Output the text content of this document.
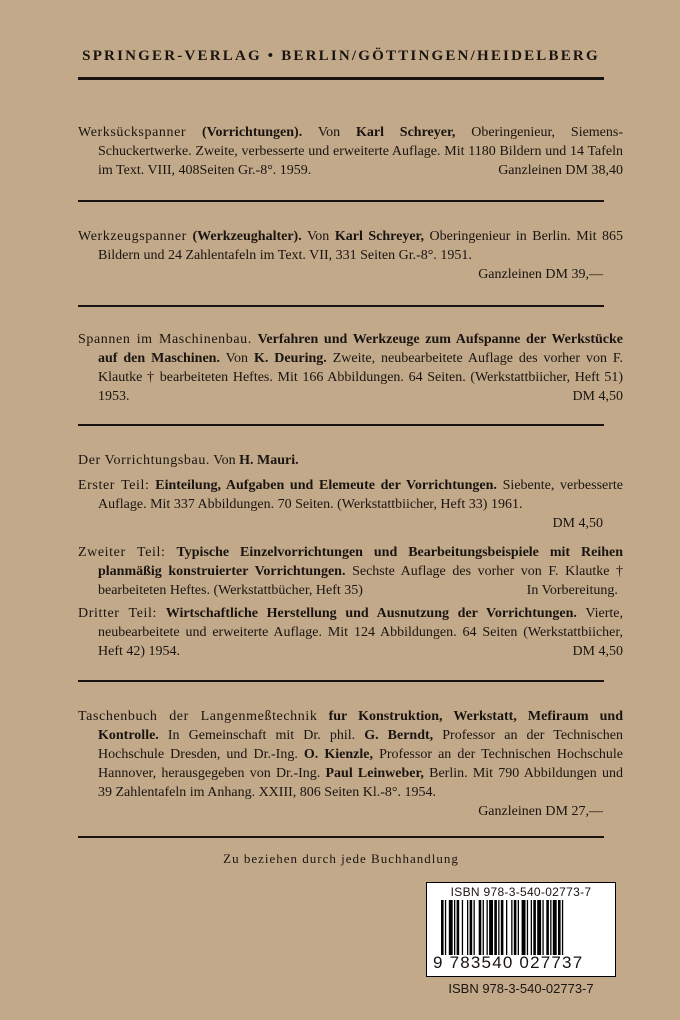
SPRINGER-VERLAG • BERLIN/GÖTTINGEN/HEIDELBERG
Werksückspanner (Vorrichtungen). Von Karl Schreyer, Oberingenieur, Siemens-Schuckertwerke. Zweite, verbesserte und erweiterte Auflage. Mit 1180 Bildern und 14 Tafeln im Text. VIII, 408Seiten Gr.-8°. 1959.	Ganzleinen DM 38,40
Werkzeugspanner (Werkzeughalter). Von Karl Schreyer, Oberingenieur in Berlin. Mit 865 Bildern und 24 Zahlentafeln im Text. VII, 331 Seiten Gr.-8°. 1951.
Ganzleinen DM 39,—
Spannen im Maschinenbau. Verfahren und Werkzeuge zum Aufspanne der Werkstücke auf den Maschinen. Von K. Deuring. Zweite, neubearbeitete Auflage des vorher von F. Klautke † bearbeiteten Heftes. Mit 166 Abbildungen. 64 Seiten. (Werkstattbiicher, Heft 51) 1953.	DM 4,50
Der Vorrichtungsbau. Von H. Mauri.
Erster Teil: Einteilung, Aufgaben und Elemeute der Vorrichtungen. Siebente, verbesserte Auflage. Mit 337 Abbildungen. 70 Seiten. (Werkstattbiicher, Heft 33) 1961.
DM 4,50
Zweiter Teil: Typische Einzelvorrichtungen und Bearbeitungsbeispiele mit Reihen planmäßig konstruierter Vorrichtungen. Sechste Auflage des vorher von F. Klautke † bearbeiteten Heftes. (Werkstattbücher, Heft 35)	In Vorbereitung.
Dritter Teil: Wirtschaftliche Herstellung und Ausnutzung der Vorrichtungen. Vierte, neubearbeitete und erweiterte Auflage. Mit 124 Abbildungen. 64 Seiten (Werkstattbiicher, Heft 42) 1954.	DM 4,50
Taschenbuch der Langenmeßtechnik fur Konstruktion, Werkstatt, Mefiraum und Kontrolle. In Gemeinschaft mit Dr. phil. G. Berndt, Professor an der Technischen Hochschule Dresden, und Dr.-Ing. O. Kienzle, Professor an der Technischen Hochschule Hannover, herausgegeben von Dr.-Ing. Paul Leinweber, Berlin. Mit 790 Abbildungen und 39 Zahlentafeln im Anhang. XXIII, 806 Seiten Kl.-8°. 1954.
Ganzleinen DM 27,—
Zu beziehen durch jede Buchhandlung
ISBN 978-3-540-02773-7
9 783540 027737
ISBN 978-3-540-02773-7
